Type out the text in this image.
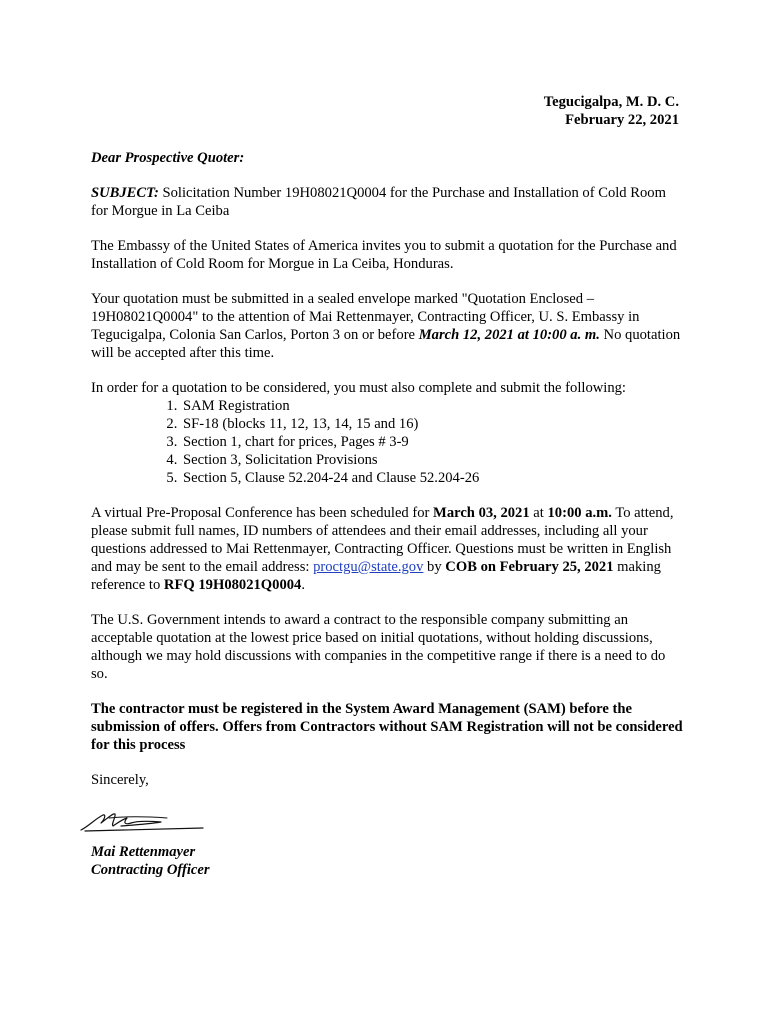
Tegucigalpa, M. D. C.
February 22, 2021

Dear Prospective Quoter:

SUBJECT: Solicitation Number 19H08021Q0004 for the Purchase and Installation of Cold Room for Morgue in La Ceiba

The Embassy of the United States of America invites you to submit a quotation for the Purchase and Installation of Cold Room for Morgue in La Ceiba, Honduras.

Your quotation must be submitted in a sealed envelope marked "Quotation Enclosed – 19H08021Q0004" to the attention of Mai Rettenmayer, Contracting Officer, U. S. Embassy in Tegucigalpa, Colonia San Carlos, Porton 3 on or before March 12, 2021 at 10:00 a. m. No quotation will be accepted after this time.

In order for a quotation to be considered, you must also complete and submit the following:

1. SAM Registration
2. SF-18 (blocks 11, 12, 13, 14, 15 and 16)
3. Section 1, chart for prices, Pages # 3-9
4. Section 3, Solicitation Provisions
5. Section 5, Clause 52.204-24 and Clause 52.204-26

A virtual Pre-Proposal Conference has been scheduled for March 03, 2021 at 10:00 a.m. To attend, please submit full names, ID numbers of attendees and their email addresses, including all your questions addressed to Mai Rettenmayer, Contracting Officer. Questions must be written in English and may be sent to the email address: proctgu@state.gov by COB on February 25, 2021 making reference to RFQ 19H08021Q0004.

The U.S. Government intends to award a contract to the responsible company submitting an acceptable quotation at the lowest price based on initial quotations, without holding discussions, although we may hold discussions with companies in the competitive range if there is a need to do so.

The contractor must be registered in the System Award Management (SAM) before the submission of offers. Offers from Contractors without SAM Registration will not be considered for this process

Sincerely,

Mai Rettenmayer
Contracting Officer
